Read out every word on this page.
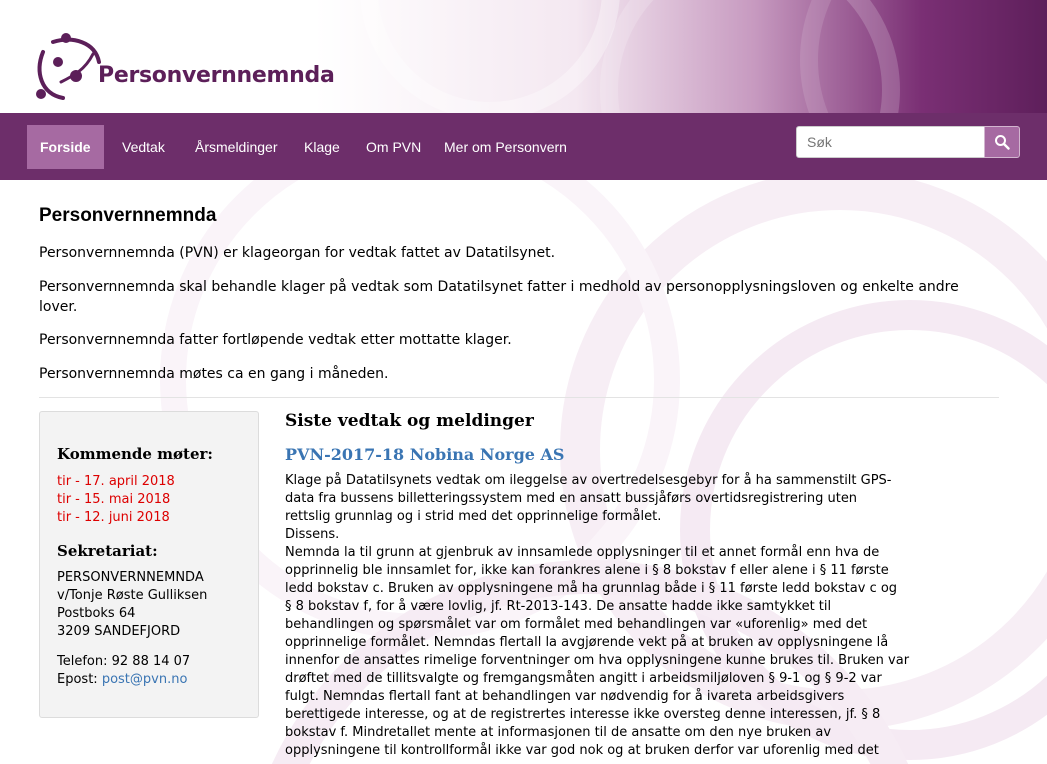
Personvernnemnda
Forside	Vedtak	Årsmeldinger	Klage	Om PVN	Mer om Personvern
Søk
Personvernnemnda

Personvernnemnda (PVN) er klageorgan for vedtak fattet av Datatilsynet.

Personvernnemnda skal behandle klager på vedtak som Datatilsynet fatter i medhold av personopplysningsloven og enkelte andre lover.

Personvernnemnda fatter fortløpende vedtak etter mottatte klager.

Personvernnemnda møtes ca en gang i måneden.

Kommende møter:
tir - 17. april 2018
tir - 15. mai 2018
tir - 12. juni 2018
Sekretariat:
PERSONVERNNEMNDA
v/Tonje Røste Gulliksen
Postboks 64
3209 SANDEFJORD
Telefon: 92 88 14 07
Epost: post@pvn.no
Siste vedtak og meldinger
PVN-2017-18 Nobina Norge AS

Klage på Datatilsynets vedtak om ileggelse av overtredelsesgebyr for å ha sammenstilt GPS-

data fra bussens billetteringssystem med en ansatt bussjåførs overtidsregistrering uten

rettslig grunnlag og i strid med det opprinnelige formålet.

Dissens.

Nemnda la til grunn at gjenbruk av innsamlede opplysninger til et annet formål enn hva de

opprinnelig ble innsamlet for, ikke kan forankres alene i § 8 bokstav f eller alene i § 11 første

ledd bokstav c. Bruken av opplysningene må ha grunnlag både i § 11 første ledd bokstav c og

§ 8 bokstav f, for å være lovlig, jf. Rt-2013-143. De ansatte hadde ikke samtykket til

behandlingen og spørsmålet var om formålet med behandlingen var «uforenlig» med det

opprinnelige formålet. Nemndas flertall la avgjørende vekt på at bruken av opplysningene lå

innenfor de ansattes rimelige forventninger om hva opplysningene kunne brukes til. Bruken var

drøftet med de tillitsvalgte og fremgangsmåten angitt i arbeidsmiljøloven § 9-1 og § 9-2 var

fulgt. Nemndas flertall fant at behandlingen var nødvendig for å ivareta arbeidsgivers

berettigede interesse, og at de registrertes interesse ikke oversteg denne interessen, jf. § 8

bokstav f. Mindretallet mente at informasjonen til de ansatte om den nye bruken av

opplysningene til kontrollformål ikke var god nok og at bruken derfor var uforenlig med det
